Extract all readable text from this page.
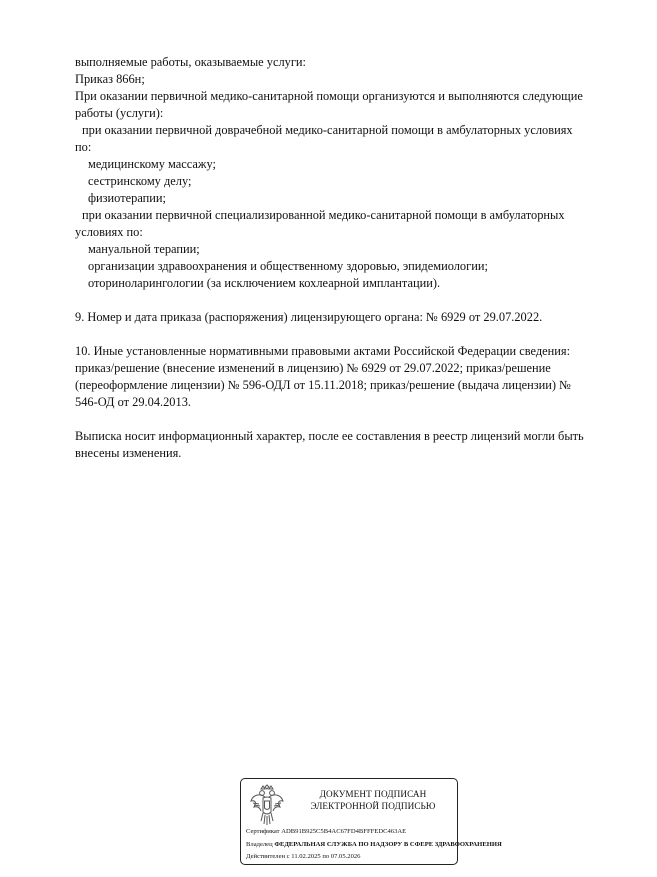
выполняемые работы, оказываемые услуги:
Приказ 866н;
При оказании первичной медико-санитарной помощи организуются и выполняются следующие
работы (услуги):
при оказании первичной доврачебной медико-санитарной помощи в амбулаторных условиях
по:
медицинскому массажу;
сестринскому делу;
физиотерапии;
при оказании первичной специализированной медико-санитарной помощи в амбулаторных
условиях по:
мануальной терапии;
организации здравоохранения и общественному здоровью, эпидемиологии;
оториноларингологии (за исключением кохлеарной имплантации).
9. Номер и дата приказа (распоряжения) лицензирующего органа: № 6929 от 29.07.2022.
10. Иные установленные нормативными правовыми актами Российской Федерации сведения:
приказ/решение (внесение изменений в лицензию) № 6929 от 29.07.2022; приказ/решение
(переоформление лицензии) № 596-ОДЛ от 15.11.2018; приказ/решение (выдача лицензии) №
546-ОД от 29.04.2013.
Выписка носит информационный характер, после ее составления в реестр лицензий могли быть
внесены изменения.
ДОКУМЕНТ ПОДПИСАН
ЭЛЕКТРОННОЙ ПОДПИСЬЮ
Сертификат ADB91B925C5B4AC67FD4BFFFEDC463AE
Владелец ФЕДЕРАЛЬНАЯ СЛУЖБА ПО НАДЗОРУ В СФЕРЕ ЗДРАВООХРАНЕНИЯ
Действителен с 11.02.2025 по 07.05.2026
